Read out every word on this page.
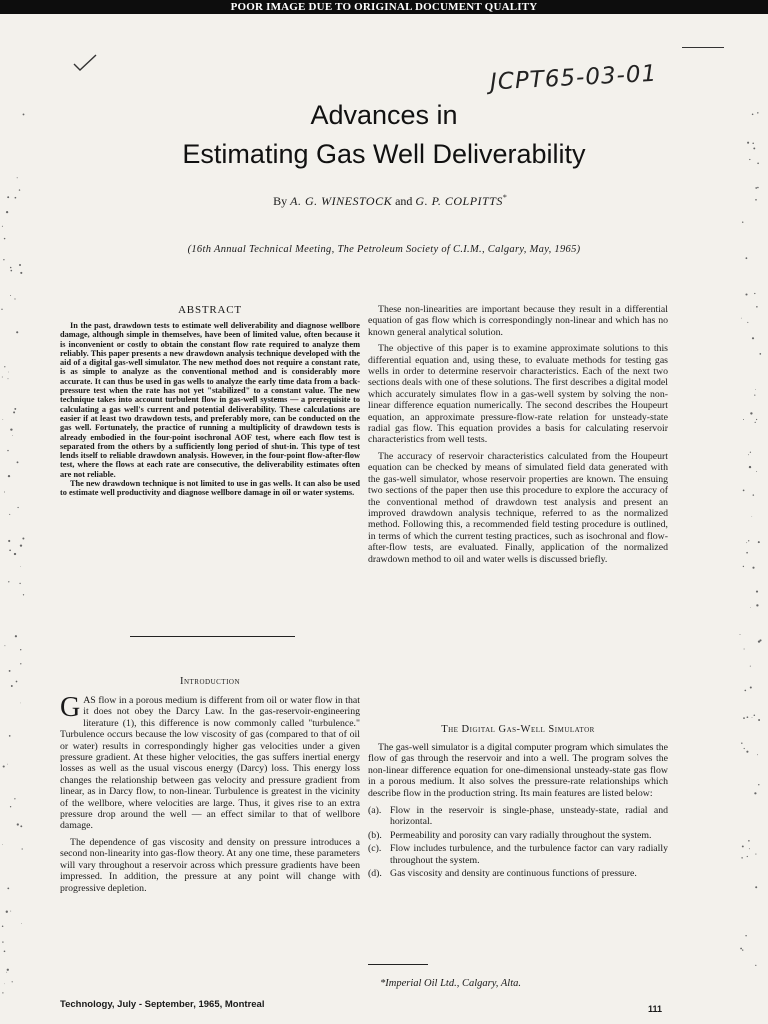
POOR IMAGE DUE TO ORIGINAL DOCUMENT QUALITY
JCPT65-03-01
Advances in
Estimating Gas Well Deliverability
By A. G. WINESTOCK and G. P. COLPITTS*
(16th Annual Technical Meeting, The Petroleum Society of C.I.M., Calgary, May, 1965)
ABSTRACT

In the past, drawdown tests to estimate well deliverability and diagnose wellbore damage, although simple in themselves, have been of limited value, often because it is inconvenient or costly to obtain the constant flow rate required to analyze them reliably. This paper presents a new drawdown analysis technique developed with the aid of a digital gas-well simulator. The new method does not require a constant rate, is as simple to analyze as the conventional method and is considerably more accurate. It can thus be used in gas wells to analyze the early time data from a back-pressure test when the rate has not yet "stabilized" to a constant value. The new technique takes into account turbulent flow in gas-well systems — a prerequisite to calculating a gas well's current and potential deliverability. These calculations are easier if at least two drawdown tests, and preferably more, can be conducted on the gas well. Fortunately, the practice of running a multiplicity of drawdown tests is already embodied in the four-point isochronal AOF test, where each flow test is separated from the others by a sufficiently long period of shut-in. This type of test lends itself to reliable drawdown analysis. However, in the four-point flow-after-flow test, where the flows at each rate are consecutive, the deliverability estimates often are not reliable.

The new drawdown technique is not limited to use in gas wells. It can also be used to estimate well productivity and diagnose wellbore damage in oil or water systems.

Introduction

GAS flow in a porous medium is different from oil or water flow in that it does not obey the Darcy Law. In the gas-reservoir-engineering literature (1), this difference is now commonly called "turbulence." Turbulence occurs because the low viscosity of gas (compared to that of oil or water) results in correspondingly higher gas velocities under a given pressure gradient. At these higher velocities, the gas suffers inertial energy losses as well as the usual viscous energy (Darcy) loss. This energy loss changes the relationship between gas velocity and pressure gradient from linear, as in Darcy flow, to non-linear. Turbulence is greatest in the vicinity of the wellbore, where velocities are large. Thus, it gives rise to an extra pressure drop around the well — an effect similar to that of wellbore damage.

The dependence of gas viscosity and density on pressure introduces a second non-linearity into gas-flow theory. At any one time, these parameters will vary throughout a reservoir across which pressure gradients have been impressed. In addition, the pressure at any point will change with progressive depletion.

These non-linearities are important because they result in a differential equation of gas flow which is correspondingly non-linear and which has no known general analytical solution.

The objective of this paper is to examine approximate solutions to this differential equation and, using these, to evaluate methods for testing gas wells in order to determine reservoir characteristics. Each of the next two sections deals with one of these solutions. The first describes a digital model which accurately simulates flow in a gas-well system by solving the non-linear difference equation numerically. The second describes the Houpeurt equation, an approximate pressure-flow-rate relation for unsteady-state radial gas flow. This equation provides a basis for calculating reservoir characteristics from well tests.

The accuracy of reservoir characteristics calculated from the Houpeurt equation can be checked by means of simulated field data generated with the gas-well simulator, whose reservoir properties are known. The ensuing two sections of the paper then use this procedure to explore the accuracy of the conventional method of drawdown test analysis and present an improved drawdown analysis technique, referred to as the normalized method. Following this, a recommended field testing procedure is outlined, in terms of which the current testing practices, such as isochronal and flow-after-flow tests, are evaluated. Finally, application of the normalized drawdown method to oil and water wells is discussed briefly.

The Digital Gas-Well Simulator

The gas-well simulator is a digital computer program which simulates the flow of gas through the reservoir and into a well. The program solves the non-linear difference equation for one-dimensional unsteady-state gas flow in a porous medium. It also solves the pressure-rate relationships which describe flow in the production string. Its main features are listed below:

(a). Flow in the reservoir is single-phase, unsteady-state, radial and horizontal.
(b). Permeability and porosity can vary radially throughout the system.
(c). Flow includes turbulence, and the turbulence factor can vary radially throughout the system.
(d). Gas viscosity and density are continuous functions of pressure.
*Imperial Oil Ltd., Calgary, Alta.
Technology, July - September, 1965, Montreal	111
